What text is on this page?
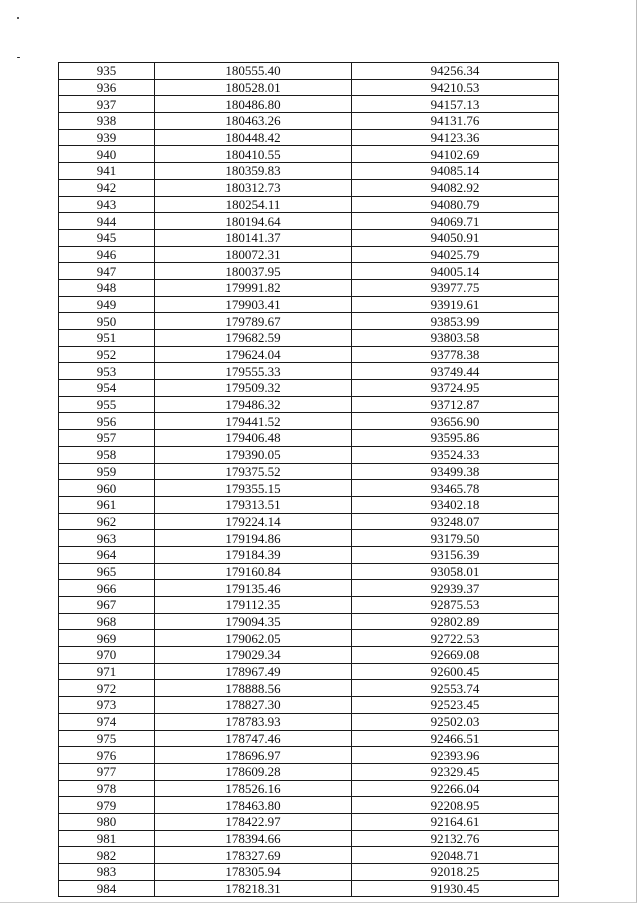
935	180555.40	94256.34
936	180528.01	94210.53
937	180486.80	94157.13
938	180463.26	94131.76
939	180448.42	94123.36
940	180410.55	94102.69
941	180359.83	94085.14
942	180312.73	94082.92
943	180254.11	94080.79
944	180194.64	94069.71
945	180141.37	94050.91
946	180072.31	94025.79
947	180037.95	94005.14
948	179991.82	93977.75
949	179903.41	93919.61
950	179789.67	93853.99
951	179682.59	93803.58
952	179624.04	93778.38
953	179555.33	93749.44
954	179509.32	93724.95
955	179486.32	93712.87
956	179441.52	93656.90
957	179406.48	93595.86
958	179390.05	93524.33
959	179375.52	93499.38
960	179355.15	93465.78
961	179313.51	93402.18
962	179224.14	93248.07
963	179194.86	93179.50
964	179184.39	93156.39
965	179160.84	93058.01
966	179135.46	92939.37
967	179112.35	92875.53
968	179094.35	92802.89
969	179062.05	92722.53
970	179029.34	92669.08
971	178967.49	92600.45
972	178888.56	92553.74
973	178827.30	92523.45
974	178783.93	92502.03
975	178747.46	92466.51
976	178696.97	92393.96
977	178609.28	92329.45
978	178526.16	92266.04
979	178463.80	92208.95
980	178422.97	92164.61
981	178394.66	92132.76
982	178327.69	92048.71
983	178305.94	92018.25
984	178218.31	91930.45
